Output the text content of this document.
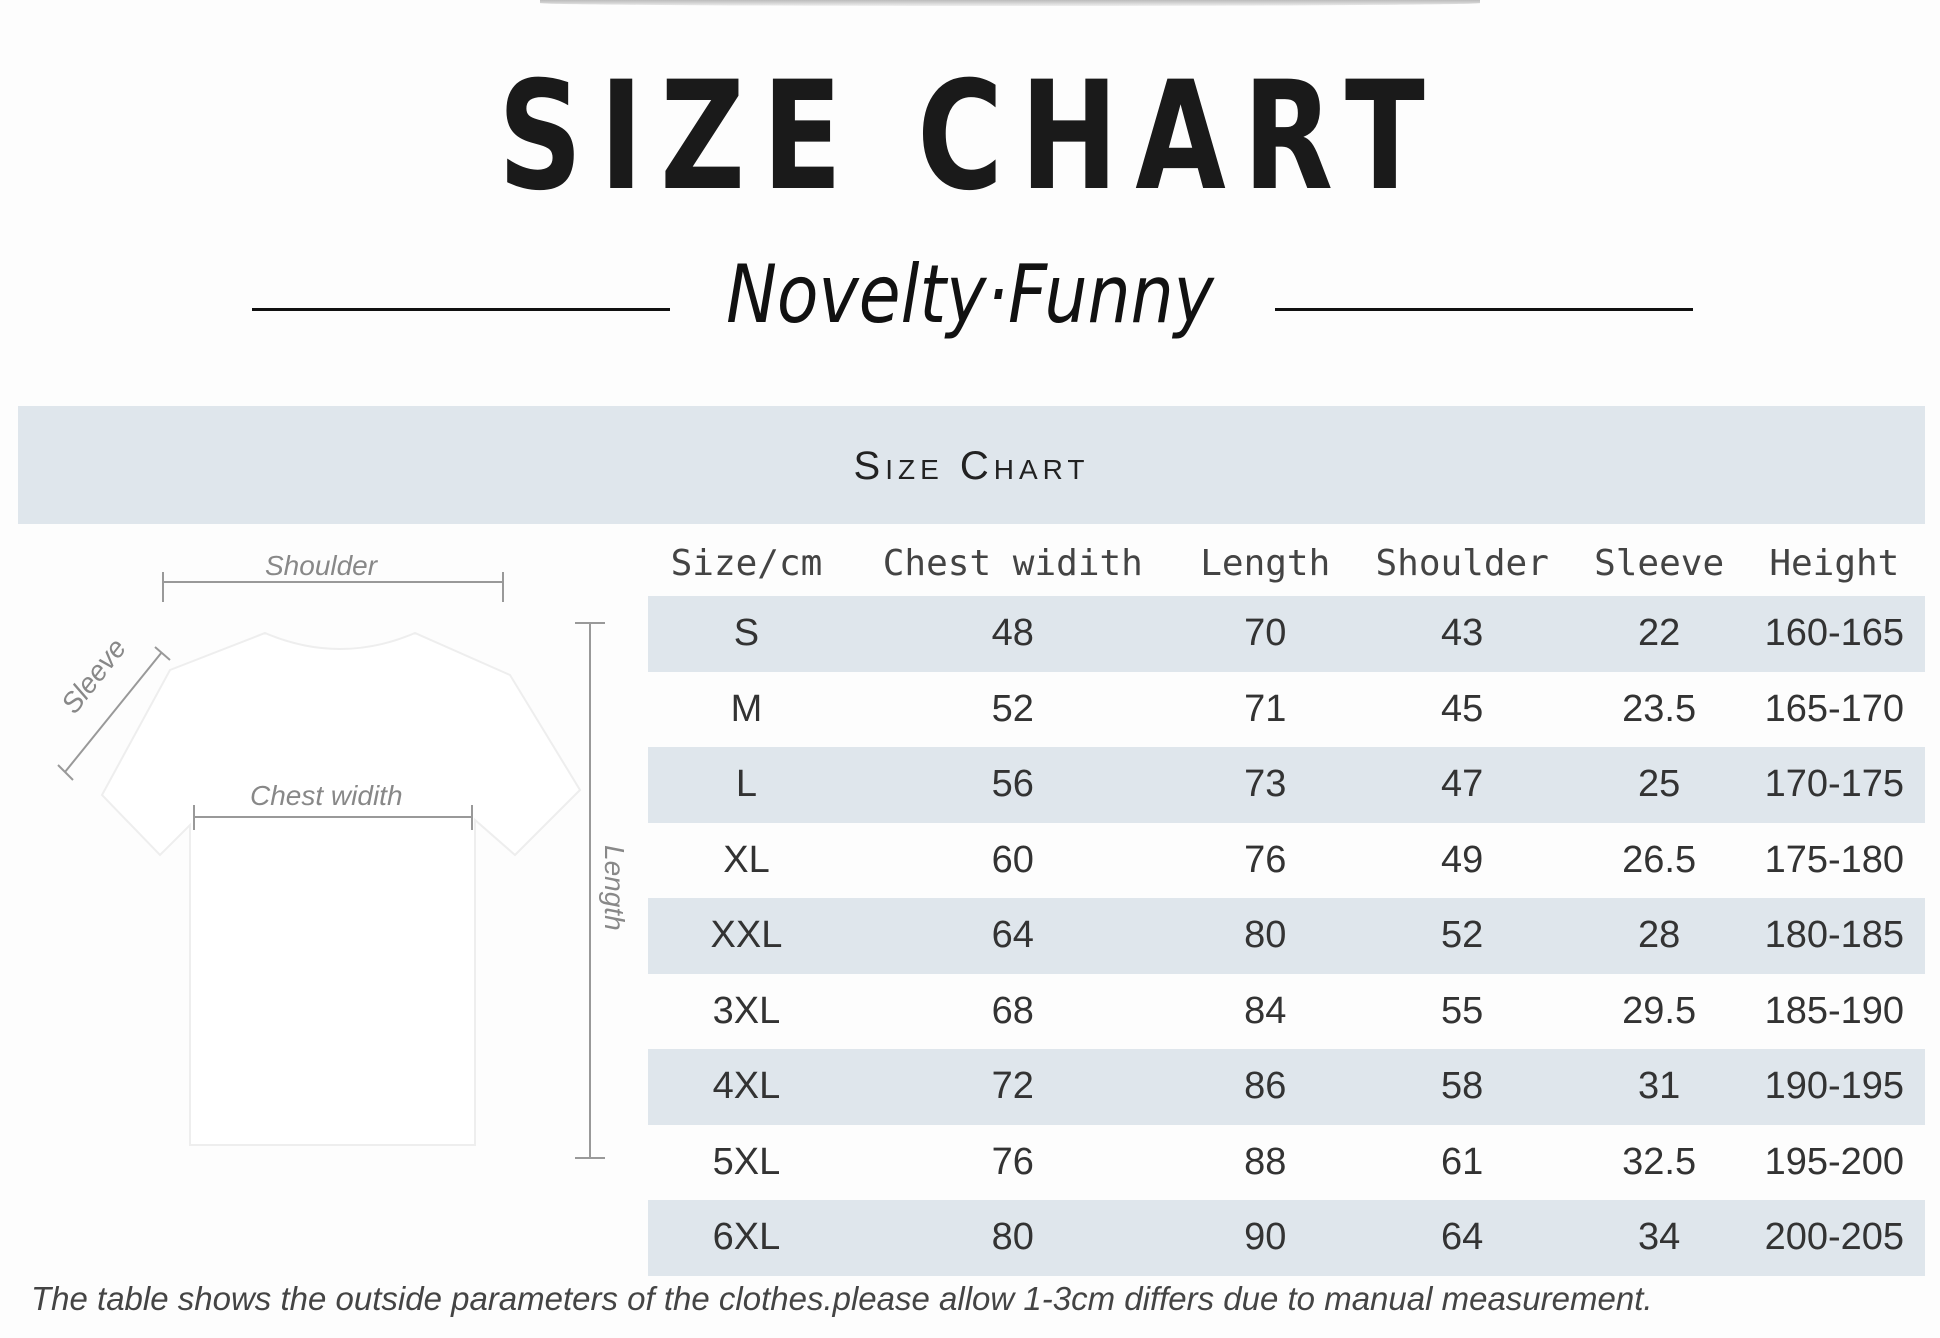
SIZE CHART
Novelty·Funny
Size Chart
Shoulder
Chest widith
Sleeve
Length
Size/cm	Chest widith	Length	Shoulder	Sleeve	Height
S	48	70	43	22	160-165
M	52	71	45	23.5	165-170
L	56	73	47	25	170-175
XL	60	76	49	26.5	175-180
XXL	64	80	52	28	180-185
3XL	68	84	55	29.5	185-190
4XL	72	86	58	31	190-195
5XL	76	88	61	32.5	195-200
6XL	80	90	64	34	200-205
The table shows the outside parameters of the clothes.please allow 1-3cm differs due to manual measurement.
